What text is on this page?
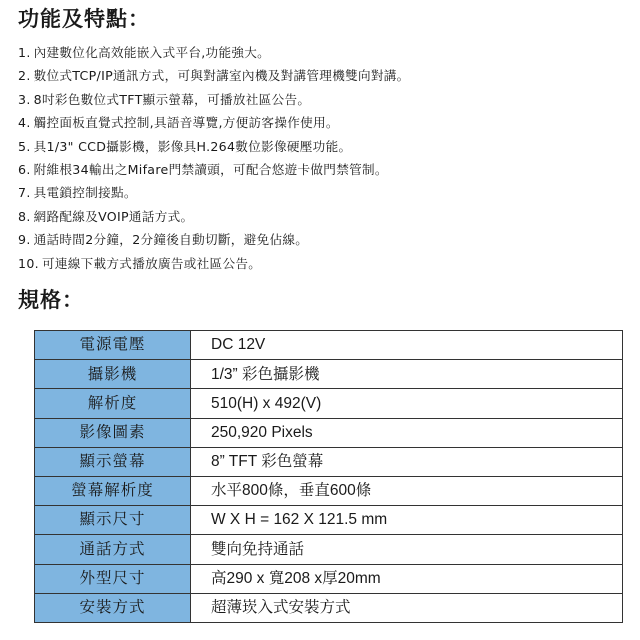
功能及特點：
1. 內建數位化高效能嵌入式平台,功能強大。
2. 數位式TCP/IP通訊方式，可與對講室內機及對講管理機雙向對講。
3. 8吋彩色數位式TFT顯示螢幕，可播放社區公告。
4. 觸控面板直覺式控制,具語音導覽,方便訪客操作使用。
5. 具1/3" CCD攝影機，影像具H.264數位影像硬壓功能。
6. 附維根34輸出之Mifare門禁讀頭，可配合悠遊卡做門禁管制。
7. 具電鎖控制接點。
8. 網路配線及VOIP通話方式。
9. 通話時間2分鐘，2分鐘後自動切斷，避免佔線。
10. 可連線下載方式播放廣告或社區公告。
規格：
電源電壓	DC 12V
攝影機	1/3” 彩色攝影機
解析度	510(H) x 492(V)
影像圖素	250,920 Pixels
顯示螢幕	8” TFT 彩色螢幕
螢幕解析度	水平800條，垂直600條
顯示尺寸	W X H = 162 X 121.5 mm
通話方式	雙向免持通話
外型尺寸	高290 x 寬208 x厚20mm
安裝方式	超薄崁入式安裝方式
